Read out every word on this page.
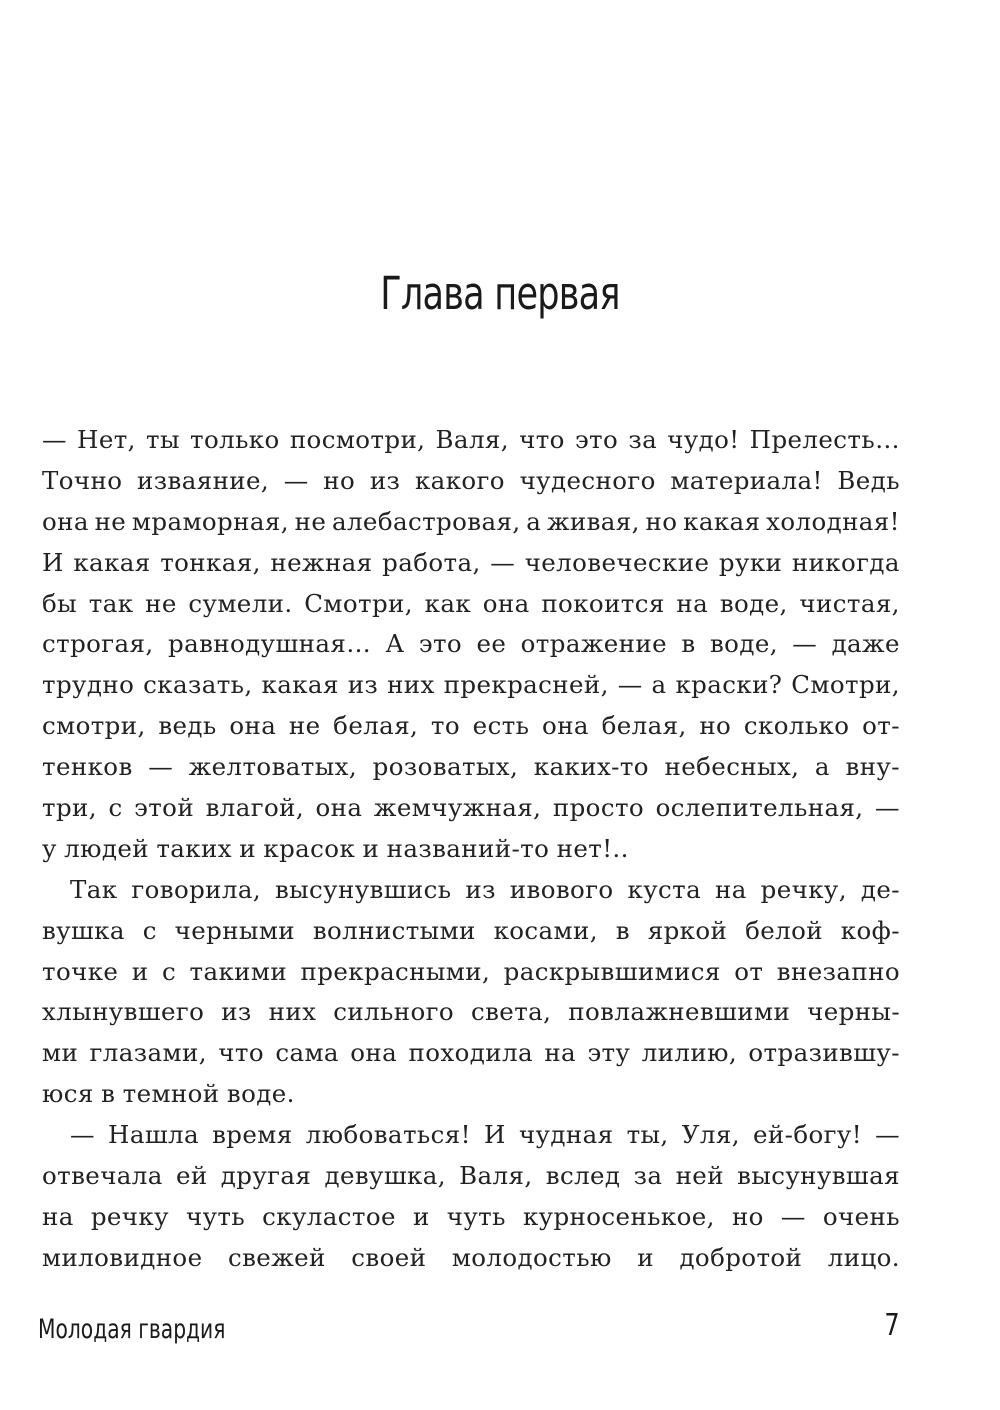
Глава первая
— Нет, ты только посмотри, Валя, что это за чудо! Прелесть…
Точно изваяние, — но из какого чудесного материала! Ведь
она не мраморная, не алебастровая, а живая, но какая холодная!
И какая тонкая, нежная работа, — человеческие руки никогда
бы так не сумели. Смотри, как она покоится на воде, чистая,
строгая, равнодушная… А это ее отражение в воде, — даже
трудно сказать, какая из них прекрасней, — а краски? Смотри,
смотри, ведь она не белая, то есть она белая, но сколько от-
тенков — желтоватых, розоватых, каких-то небесных, а вну-
три, с этой влагой, она жемчужная, просто ослепительная, —
у людей таких и красок и названий-то нет!..
Так говорила, высунувшись из ивового куста на речку, де-
вушка с черными волнистыми косами, в яркой белой коф-
точке и с такими прекрасными, раскрывшимися от внезапно
хлынувшего из них сильного света, повлажневшими черны-
ми глазами, что сама она походила на эту лилию, отразившу-
юся в темной воде.
— Нашла время любоваться! И чудная ты, Уля, ей-богу! —
отвечала ей другая девушка, Валя, вслед за ней высунувшая
на речку чуть скуластое и чуть курносенькое, но — очень
миловидное свежей своей молодостью и добротой лицо.
Молодая гвардия	7
